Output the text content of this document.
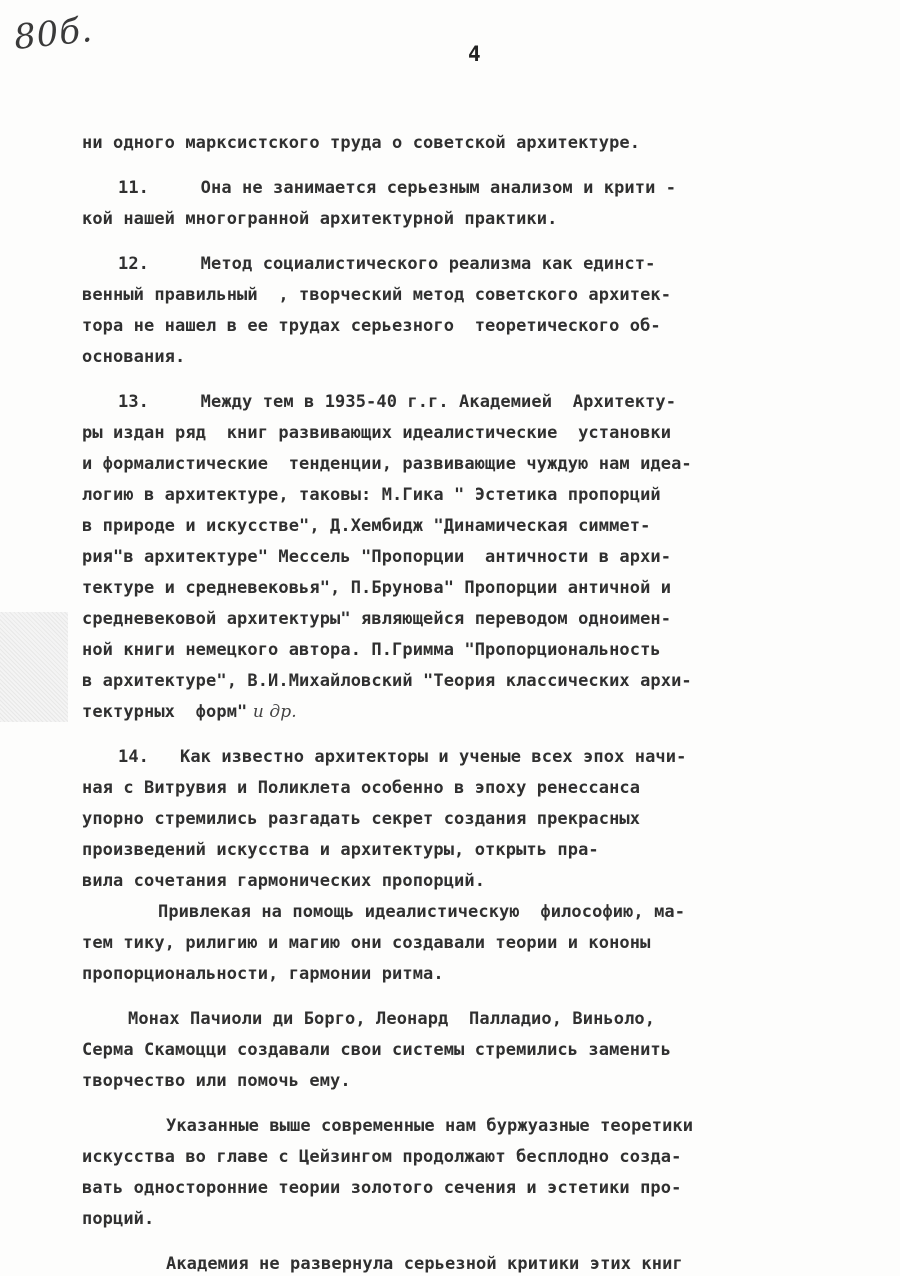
80б.	4
ни одного марксистского труда о советской архитектуре.
11.     Она не занимается серьезным анализом и крити -
кой нашей многогранной архитектурной практики.
12.     Метод социалистического реализма как единст-
венный правильный  , творческий метод советского архитек-
тора не нашел в ее трудах серьезного  теоретического об-
основания.
13.     Между тем в 1935-40 г.г. Академией  Архитекту-
ры издан ряд  книг развивающих идеалистические  установки
и формалистические  тенденции, развивающие чуждую нам идеа-
логию в архитектуре, таковы: М.Гика " Эстетика пропорций
в природе и искусстве", Д.Хембидж "Динамическая симмет-
рия"в архитектуре" Мессель "Пропорции  античности в архи-
тектуре и средневековья", П.Брунова" Пропорции античной и
средневековой архитектуры" являющейся переводом одноимен-
ной книги немецкого автора. П.Гримма "Пропорциональность
в архитектуре", В.И.Михайловский "Теория классических архи-
тектурных  форм" и др.
14.   Как известно архитекторы и ученые всех эпох начи-
ная с Витрувия и Поликлета особенно в эпоху ренессанса
упорно стремились разгадать секрет создания прекрасных
произведений искусства и архитектуры, открыть пра-
вила сочетания гармонических пропорций.
Привлекая на помощь идеалистическую  философию, ма-
тем тику, рилигию и магию они создавали теории и кононы
пропорциональности, гармонии ритма.
Монах Пачиоли ди Борго, Леонард  Палладио, Виньоло,
Серма Скамоцци создавали свои системы стремились заменить
творчество или помочь ему.
Указанные выше современные нам буржуазные теоретики
искусства во главе с Цейзингом продолжают бесплодно созда-
вать односторонние теории золотого сечения и эстетики про-
порций.
Академия не развернула серьезной критики этих книг
